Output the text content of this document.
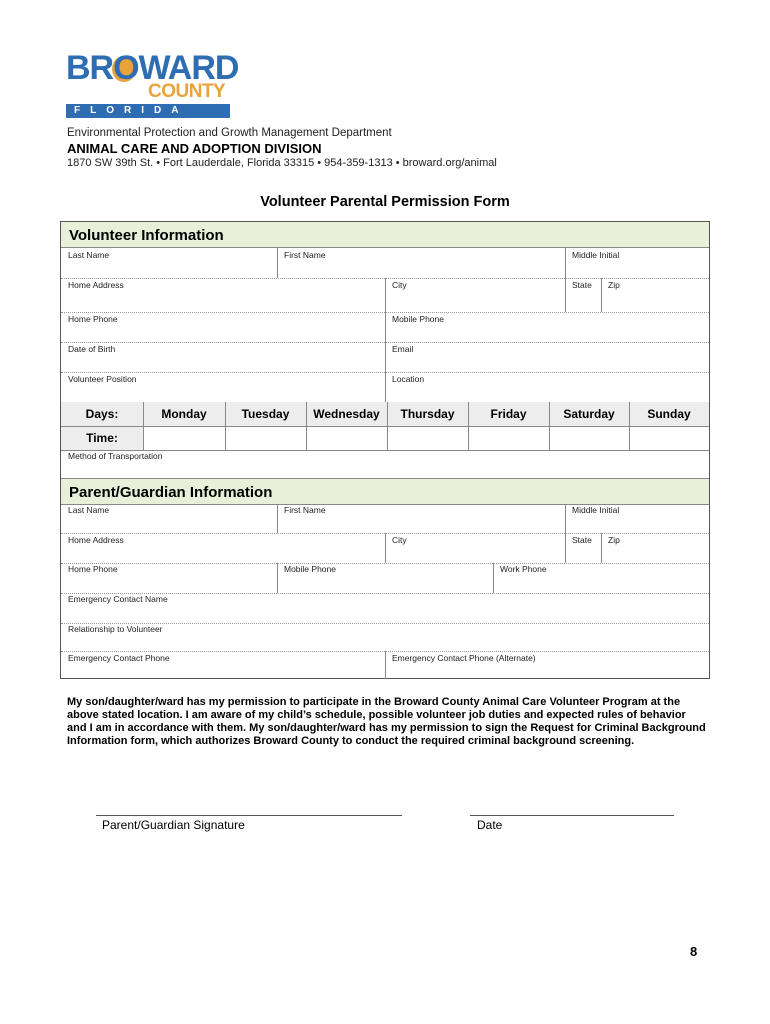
BROWARD
COUNTY
FLORIDA
Environmental Protection and Growth Management Department
ANIMAL CARE AND ADOPTION DIVISION
1870 SW 39th St. • Fort Lauderdale, Florida 33315 • 954-359-1313 • broward.org/animal
Volunteer Parental Permission Form
Volunteer Information
Last Name	First Name	Middle Initial
Home Address	City	State Zip
Home Phone	Mobile Phone
Date of Birth	Email
Volunteer Position	Location
Days:	Monday	Tuesday	Wednesday	Thursday	Friday	Saturday	Sunday
Time:
Method of Transportation
Parent/Guardian Information
Last Name	First Name	Middle Initial
Home Address	City	State Zip
Home Phone	Mobile Phone	Work Phone
Emergency Contact Name
Relationship to Volunteer
Emergency Contact Phone	Emergency Contact Phone (Alternate)
My son/daughter/ward has my permission to participate in the Broward County Animal Care Volunteer Program at the above stated location. I am aware of my child’s schedule, possible volunteer job duties and expected rules of behavior and I am in accordance with them. My son/daughter/ward has my permission to sign the Request for Criminal Background Information form, which authorizes Broward County to conduct the required criminal background screening.
Parent/Guardian Signature	Date
8
